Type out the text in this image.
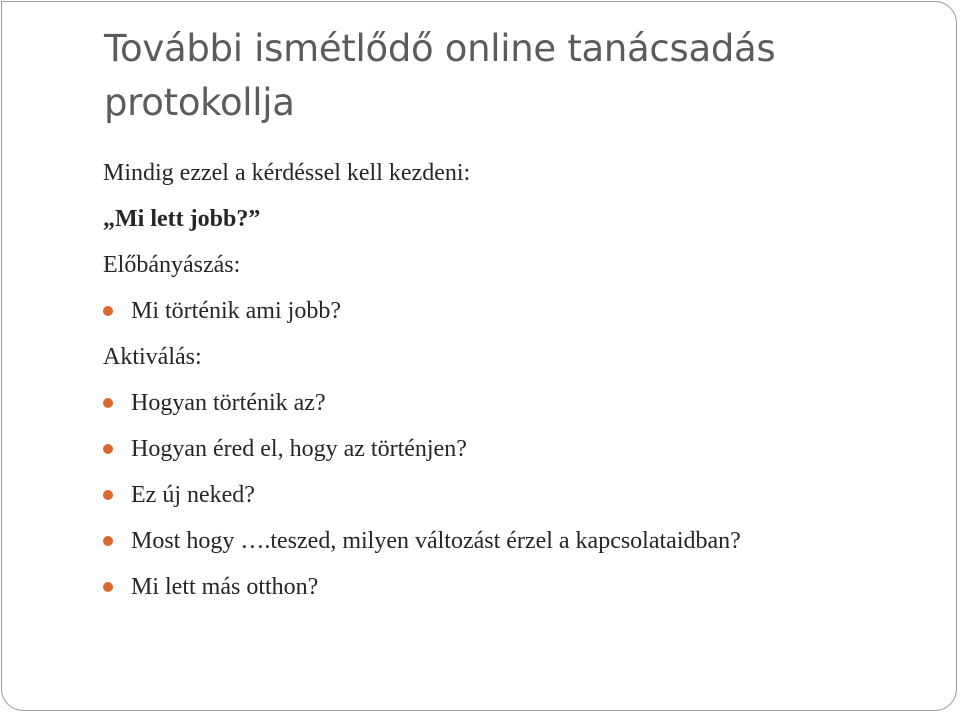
További ismétlődő online tanácsadás protokollja
Mindig ezzel a kérdéssel kell kezdeni:
„Mi lett jobb?”
Előbányászás:
Mi történik ami jobb?
Aktiválás:
Hogyan történik az?
Hogyan éred el, hogy az történjen?
Ez új neked?
Most hogy ….teszed, milyen változást érzel a kapcsolataidban?
Mi lett más otthon?
